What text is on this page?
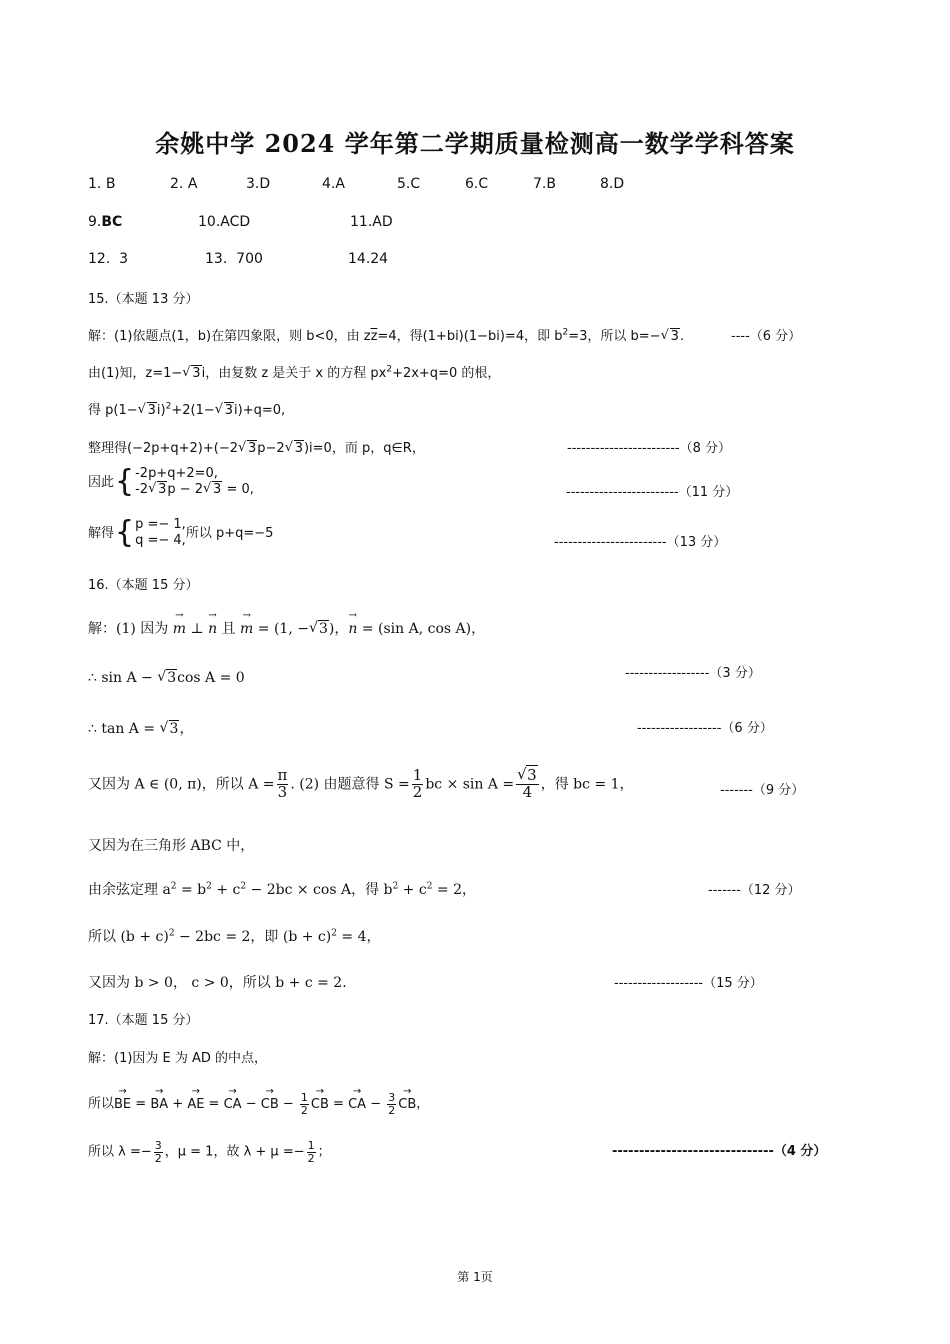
余姚中学 2024 学年第二学期质量检测高一数学学科答案
1. B	2. A	3.D	4.A	5.C	6.C	7.B	8.D
9.BC	10.ACD	11.AD
12. 3	13. 700	14.24
15.（本题 13 分）
解：(1)依题点(1，b)在第四象限，则 b<0，由 $z\overline{z}=4$，得(1+bi)(1−bi)=4，即 $b^2=3$，所以 b=− √ 3.	----（6 分）
由(1)知，z=1− √ 3i，由复数 z 是关于 x 的方程 $px^2+2x+q=0$ 的根，
得 p(1− √ 3i)$^2$+2(1− √ 3i)+q=0,
整理得(−2p+q+2)+(−2 √ 3p−2 √ 3)i=0，而 p，q∈R，	------------------------（8 分）
因此{ -2p+q+2=0,
-2 √ 3p − 2 √ 3 = 0,	------------------------（11 分）
解得{ p =− 1,
q =− 4, 所以 p+q=−5
------------------------（13 分）
16.（本题 15 分）
解：(1) 因为 → m ⊥ → n 且 → m = (1, − √ 3)，→ n = (sin A, cos A)，
∴ sin A − √ 3cos A = 0	------------------（3 分）
∴ tan A = √ 3，	------------------（6 分）
又因为 A ∈ (0, π)，所以 $A = \frac{\pi}{3}$ . (2) 由题意得 $S = \frac{1}{2}$ bc × sin A = √ $\frac{3}{4}$ ，得 bc = 1，	-------（9 分）
又因为在三角形 ABC 中，
由余弦定理 $a^2 = b^2 + c^2 - 2bc \times \cos A$，得 $b^2 + c^2 = 2$，	-------（12 分）
所以 $(b + c)^2 - 2bc = 2$，即 $(b + c)^2 = 4$，
又因为 b > 0， c > 0，所以 b + c = 2.	-------------------（15 分）
17.（本题 15 分）
解：(1)因为 E 为 AD 的中点，
所以→ BE = → BA + → AE = → CA − → CB − $\frac{1}{2}$ → CB = → CA − $\frac{3}{2}$ → CB，
所以 $\lambda =- \frac{3}{2}$ ，μ = 1，故 $\lambda + \mu =- \frac{1}{2}$ ；	------------------------------（4 分）
第 1页
